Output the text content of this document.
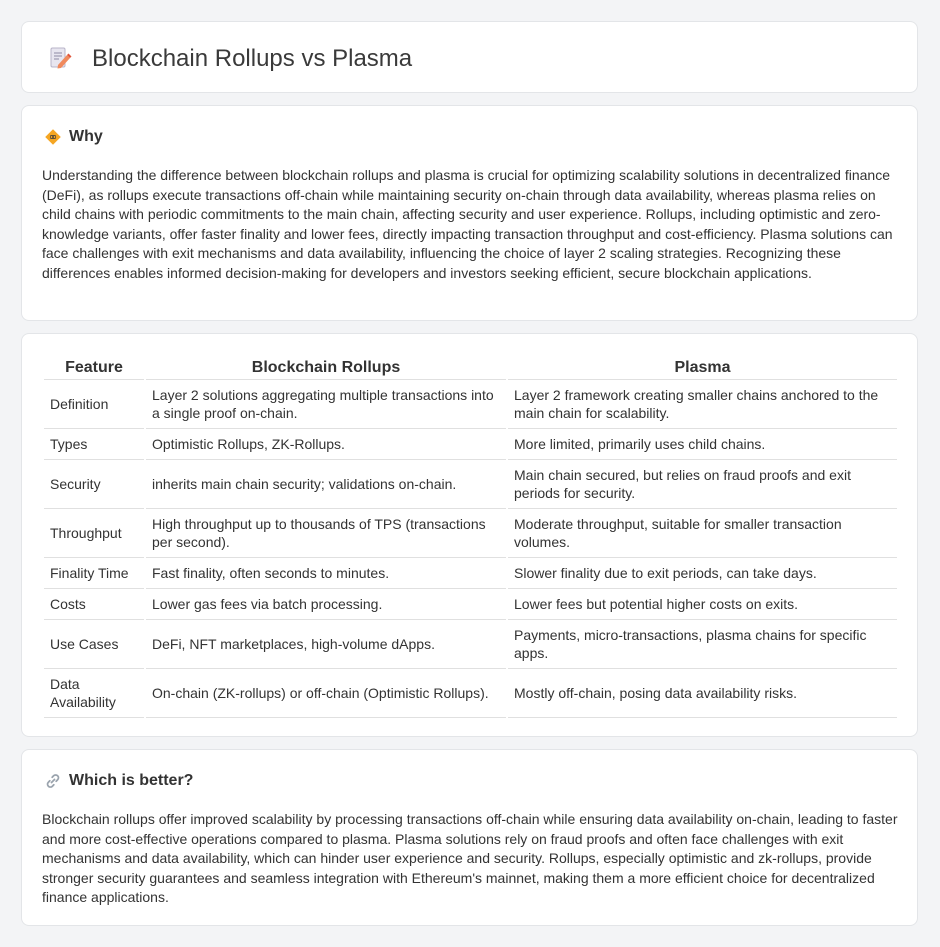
Blockchain Rollups vs Plasma
Why

Understanding the difference between blockchain rollups and plasma is crucial for optimizing scalability solutions in decentralized finance (DeFi), as rollups execute transactions off-chain while maintaining security on-chain through data availability, whereas plasma relies on child chains with periodic commitments to the main chain, affecting security and user experience. Rollups, including optimistic and zero-knowledge variants, offer faster finality and lower fees, directly impacting transaction throughput and cost-efficiency. Plasma solutions can face challenges with exit mechanisms and data availability, influencing the choice of layer 2 scaling strategies. Recognizing these differences enables informed decision-making for developers and investors seeking efficient, secure blockchain applications.

Feature	Blockchain Rollups	Plasma
Definition	Layer 2 solutions aggregating multiple transactions into a single proof on-chain.	Layer 2 framework creating smaller chains anchored to the main chain for scalability.
Types	Optimistic Rollups, ZK-Rollups.	More limited, primarily uses child chains.
Security	inherits main chain security; validations on-chain.	Main chain secured, but relies on fraud proofs and exit periods for security.
Throughput	High throughput up to thousands of TPS (transactions per second).	Moderate throughput, suitable for smaller transaction volumes.
Finality Time	Fast finality, often seconds to minutes.	Slower finality due to exit periods, can take days.
Costs	Lower gas fees via batch processing.	Lower fees but potential higher costs on exits.
Use Cases	DeFi, NFT marketplaces, high-volume dApps.	Payments, micro-transactions, plasma chains for specific apps.
Data Availability	On-chain (ZK-rollups) or off-chain (Optimistic Rollups).	Mostly off-chain, posing data availability risks.
Which is better?

Blockchain rollups offer improved scalability by processing transactions off-chain while ensuring data availability on-chain, leading to faster and more cost-effective operations compared to plasma. Plasma solutions rely on fraud proofs and often face challenges with exit mechanisms and data availability, which can hinder user experience and security. Rollups, especially optimistic and zk-rollups, provide stronger security guarantees and seamless integration with Ethereum's mainnet, making them a more efficient choice for decentralized finance applications.
